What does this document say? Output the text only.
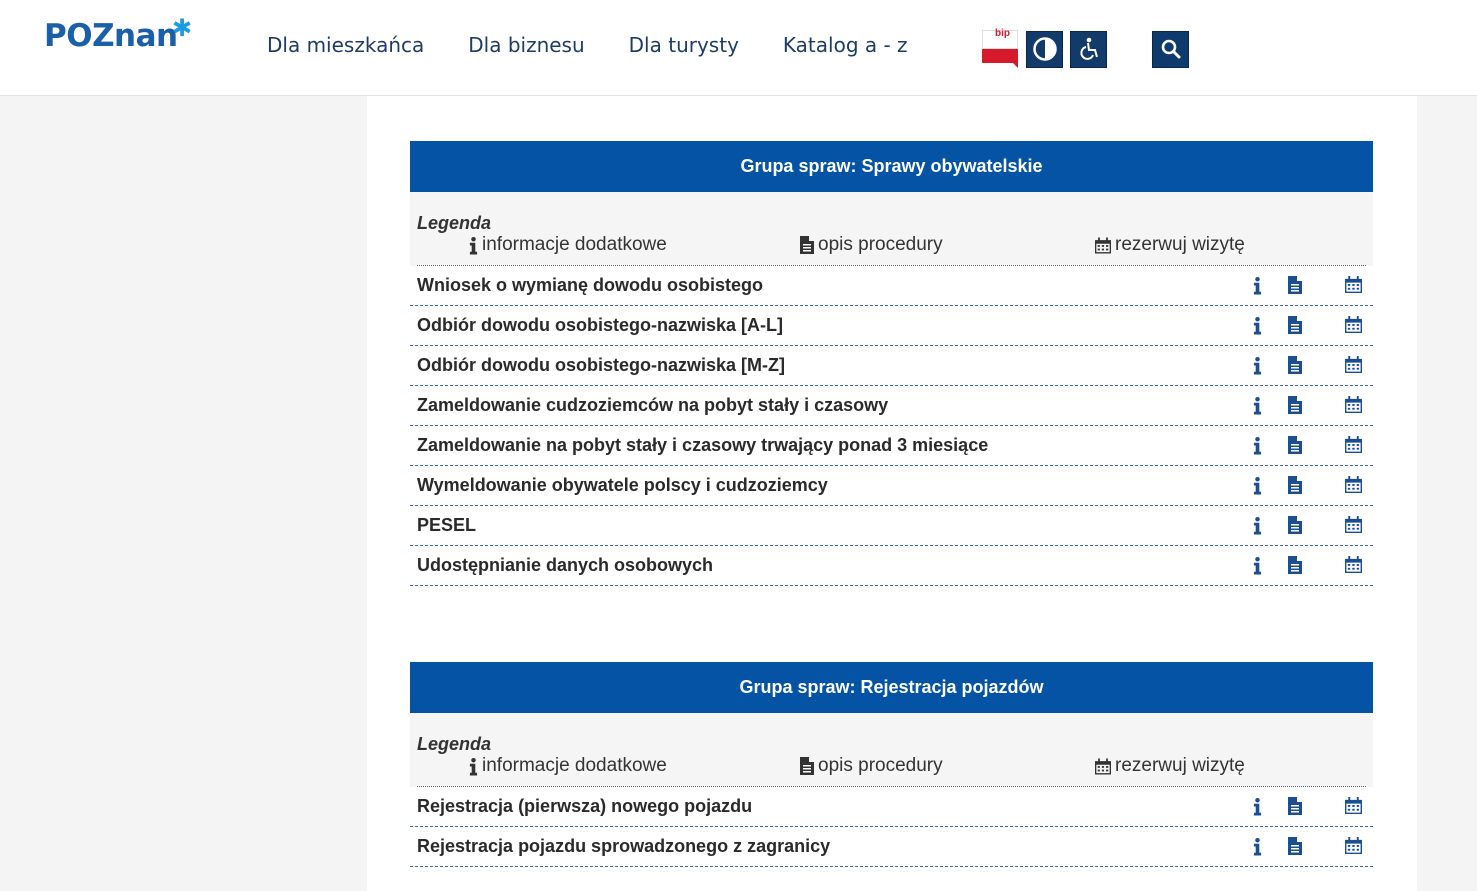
POZnan
✱
Dla mieszkańca Dla biznesu Dla turysty Katalog a - z	bip
Grupa spraw: Sprawy obywatelskie
Legenda
informacje dodatkowe	opis procedury	rezerwuj wizytę
Wniosek o wymianę dowodu osobistego
Odbiór dowodu osobistego-nazwiska [A-L]
Odbiór dowodu osobistego-nazwiska [M-Z]
Zameldowanie cudzoziemców na pobyt stały i czasowy
Zameldowanie na pobyt stały i czasowy trwający ponad 3 miesiące
Wymeldowanie obywatele polscy i cudzoziemcy
PESEL
Udostępnianie danych osobowych
Grupa spraw: Rejestracja pojazdów
Legenda
informacje dodatkowe	opis procedury	rezerwuj wizytę
Rejestracja (pierwsza) nowego pojazdu
Rejestracja pojazdu sprowadzonego z zagranicy
